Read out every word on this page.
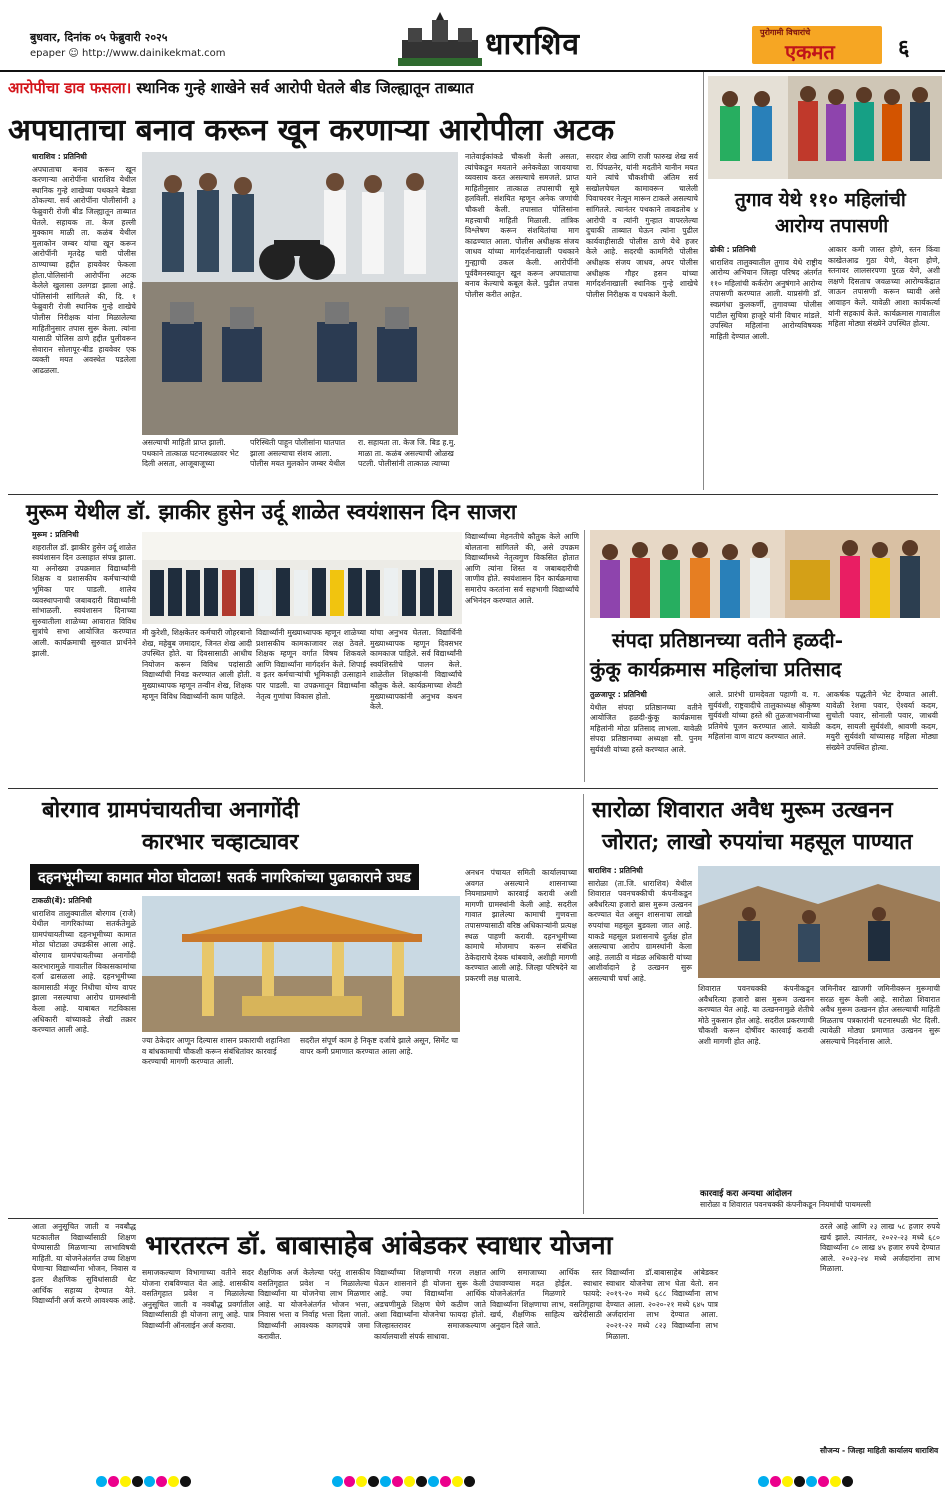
बुधवार, दिनांक ०५ फेब्रुवारी २०२५
epaper ☺ http://www.dainikekmat.com	धाराशिव	पुरोगामी विचारांचे
एकमत	६
आरोपीचा डाव फसला। स्थानिक गुन्हे शाखेने सर्व आरोपी घेतले बीड जिल्ह्यातून ताब्यात
अपघाताचा बनाव करून खून करणाऱ्या आरोपीला अटक
धाराशिव : प्रतिनिधी
अपघाताचा बनाव करून खून करणाऱ्या आरोपींना धाराशिव येथील स्थानिक गुन्हे शाखेच्या पथकाने बेड्या ठोकल्या. सर्व आरोपींना पोलीसांनी ३ फेब्रुवारी रोजी बीड जिल्ह्यातून ताब्यात घेतले. सहायक ता. केज हल्ली मुक्काम माळी ता. कळंब येथील मुलाकोन जम्बर यांचा खून करून आरोपींनी मृतदेह चारी पोलीस ठाण्याच्या हद्दीत हायवेवर फेकला होता.पोलिसांनी आरोपींना अटक केलेले खुलासा उलगडा झाला आहे. पोलिसांनी सांगितले की, दि. १ फेब्रुवारी रोजी स्थानिक गुन्हे शाखेचे पोलीस निरीक्षक यांना मिळालेल्या माहितीनुसार तपास सुरू केला. त्यांना यासाठी पोलिस ठाणे हद्दीत पुलीवरून सेवारान सोलापूर-बीड हायवेवर एक व्यक्ती मयत अवस्थेत पडलेला आढळला.
असल्याची माहिती प्राप्त झाली. पथकाने तात्काळ घटनास्थळावर भेट दिली असता, आजूबाजूच्या
परिस्थिती पाहून पोलीसांना घातपात झाला असल्याचा संशय आला. पोलीस मयत मुलकोन जम्बर येथील
रा. सहायता ता. केज जि. बिड ह.मु. माळा ता. कळंब असल्याची ओळख पटली. पोलीसांनी तात्काळ त्याच्या
नातेवाईकांकडे चौकशी केली असता, त्यांचेकडून मयताने अनेकवेळा जावयाचा व्यवसाय करत असल्याचे समजले. प्राप्त माहितीनुसार तात्काळ तपासाची सूत्रे हलविली. संशयित म्हणून अनेक जणांची चौकशी केली. तपासात पोलिसांना महत्त्वाची माहिती मिळाली. तांत्रिक विश्लेषण करून संशयितांचा माग काढण्यात आला. पोलीस अधीक्षक संजय जाधव यांच्या मार्गदर्शनाखाली पथकाने गुन्ह्याची उकल केली. आरोपींनी पूर्ववैमनस्यातून खून करून अपघाताचा बनाव केल्याचे कबूल केले. पुढील तपास पोलीस करीत आहेत.
सरदार शेख आणि राजी फारुख शेख सर्व रा. पिंपळनेर, यांनी मदतीने यानीन मयत याने त्यांचे चौकशीची अंतिम सर्व सखोलचेचल कामावरून चालेली पिवाचरवर नेत्यून मारून टाकले असल्याचे सांगितले. त्यानंतर पथकाने ताबडतोब ४ आरोपी व त्यांनी गुन्हात वापरलेल्या दुचाकी ताब्यात घेऊन त्यांना पुढील कार्यवाहीसाठी पोलीस ठाणे येथे हजर केले आहे. सदरची कामगिरी पोलीस अधीक्षक संजय जाधव, अपर पोलीस अधीक्षक गौहर हसन यांच्या मार्गदर्शनाखाली स्थानिक गुन्हे शाखेचे पोलीस निरीक्षक व पथकाने केली.
तुगाव येथे ११० महिलांची
आरोग्य तपासणी
ढोकी : प्रतिनिधी
धाराशिव तालुक्यातील तुगाव येथे राष्ट्रीय आरोग्य अभियान जिल्हा परिषद अंतर्गत ११० महिलांची कर्करोग अनुषंगाने आरोग्य तपासणी करण्यात आली. याप्रसंगी डॉ. स्वप्नगंधा कुलकर्णी, तुगावच्या पोलीस पाटील सुचित्रा हाजूरे यांनी विचार मांडले. उपस्थित महिलांना आरोग्यविषयक माहिती देण्यात आली.
आकार कमी जास्त होणे, स्तन किंवा काखेतआढ गुठा येणे, वेदना होणे, स्तनावर लालसरपणा पुरळ येणे, अशी लक्षणे दिसताच जवळच्या आरोग्यकेंद्रात जाऊन तपासणी करून घ्यावी असे आवाहन केले. यावेळी आशा कार्यकर्त्या यांनी सहकार्य केले. कार्यक्रमास गावातील महिला मोठ्या संख्येने उपस्थित होत्या.
मुरूम येथील डॉ. झाकीर हुसेन उर्दू शाळेत स्वयंशासन दिन साजरा
मुरूम : प्रतिनिधी
शहरातील डॉ. झाकीर हुसेन उर्दू शाळेत स्वयंशासन दिन उत्साहात संपन्न झाला. या अनोख्या उपक्रमात विद्यार्थ्यांनी शिक्षक व प्रशासकीय कर्मचाऱ्यांची भूमिका पार पाडली. शालेय व्यवस्थापनाची जबाबदारी विद्यार्थ्यांनी सांभाळली. स्वयंशासन दिनाच्या सुरुवातीला शाळेच्या आवारात विविध सुत्रांचे सभा आयोजित करण्यात आली. कार्यक्रमाची सुरुवात प्रार्थनेने झाली.
मी कुरेशी, शिक्षकेतर कर्मचारी जोहरबानो शेख, महेबुब जमादार, जिनत शेख आदी उपस्थित होते. या दिवसासाठी आधीच नियोजन करून विविध पदांसाठी विद्यार्थ्यांची निवड करण्यात आली होती. मुख्याध्यापक म्हणून तन्वीन शेख, शिक्षक म्हणून विविध विद्यार्थ्यांनी काम पाहिले.
विद्यार्थ्यांनी मुख्याध्यापक म्हणून शाळेच्या प्रशासकीय कामकाजावर लक्ष ठेवले. शिक्षक म्हणून वर्गात विषय शिकवले आणि विद्यार्थ्यांना मार्गदर्शन केले. शिपाई व इतर कर्मचाऱ्यांची भूमिकाही उत्साहाने पार पाडली. या उपक्रमातून विद्यार्थ्यांना नेतृत्व गुणांचा विकास होतो.
यांचा अनुभव घेतला. विद्यार्थिनी मुख्याध्यापक म्हणून दिवसभर कामकाज पाहिले. सर्व विद्यार्थ्यांनी स्वयंशिस्तीचे पालन केले. शाळेतील शिक्षकांनी विद्यार्थ्यांचे कौतुक केले. कार्यक्रमाच्या शेवटी मुख्याध्यापकांनी अनुभव कथन केले.
विद्यार्थ्यांच्या मेहनतीचे कौतुक केले आणि बोलताना सांगितले की, असे उपक्रम विद्यार्थ्यांमध्ये नेतृत्वगुण विकसित होतात आणि त्यांना शिस्त व जबाबदारीची जाणीव होते. स्वयंशासन दिन कार्यक्रमाचा समारोप करतांना सर्व सहभागी विद्यार्थ्यांचे अभिनंदन करण्यात आले.
संपदा प्रतिष्ठानच्या वतीने हळदी-
कुंकू कार्यक्रमास महिलांचा प्रतिसाद
तुळजापूर : प्रतिनिधी
येथील संपदा प्रतिष्ठानच्या वतीने आयोजित हळदी-कुंकू कार्यक्रमास महिलांनी मोठा प्रतिसाद लाभला. यावेळी संपदा प्रतिष्ठानच्या अध्यक्षा सौ. पुनम सुर्यवंशी यांच्या हस्ते करण्यात आले.
आले. प्रारंभी ग्रामदेवता पहाणी व. ग. सुर्यवंशी, राष्ट्रवादीचे तालुकाध्यक्ष श्रीकृष्ण सुर्यवंशी यांच्या हस्ते श्री तुळजाभवानीच्या प्रतिमेचे पूजन करण्यात आले. यावेळी महिलांना वाण वाटप करण्यात आले.
आकर्षक पद्धतीने भेट देण्यात आली. यावेळी रेशमा पवार, ऐश्वर्या कदम, सुचोती पवार, सोनाली पवार, जाधवी कदम, सायली सुर्यवंशी, श्रावणी कदम, मयुरी सुर्यवंशी यांच्यासह महिला मोठ्या संख्येने उपस्थित होत्या.
बोरगाव ग्रामपंचायतीचा अनागोंदी
कारभार चव्हाट्यावर
दहनभूमीच्या कामात मोठा घोटाळा! सतर्क नागरिकांच्या पुढाकाराने उघड
टाकळी(बें): प्रतिनिधी
धाराशिव तालुक्यातील बोरगाव (राजे) येथील नागरिकांच्या सतर्कतेमुळे ग्रामपंचायतीच्या दहनभूमीच्या कामात मोठा घोटाळा उघडकीस आला आहे. बोरगाव ग्रामपंचायतीच्या अनागोंदी कारभारामुळे गावातील विकासकामांचा दर्जा ढासळला आहे. दहनभूमीच्या कामासाठी मंजूर निधीचा योग्य वापर झाला नसल्याचा आरोप ग्रामस्थांनी केला आहे. याबाबत गटविकास अधिकारी यांच्याकडे लेखी तक्रार करण्यात आली आहे.
ज्या ठेकेदार आणून दिल्यास शासन प्रकाराची शहानिशा व बांधकामाची चौकशी करून संबंधितांवर कारवाई करण्याची मागणी करण्यात आली.
सदरील संपूर्ण काम हे निकृष्ट दर्जाचे झाले असून, सिमेंट चा वापर कमी प्रमाणात करण्यात आला आहे.
अनधन पंचायत समिती कार्यालयाच्या अवगत असल्याने शासनाच्या नियमाप्रमाणे कारवाई करावी अशी मागणी ग्रामस्थांनी केली आहे. सदरील गावात झालेल्या कामाची गुणवत्ता तपासण्यासाठी वरिष्ठ अधिकाऱ्यांनी प्रत्यक्ष स्थळ पाहणी करावी. दहनभूमीच्या कामाचे मोजमाप करून संबंधित ठेकेदाराचे देयक थांबवावे, अशीही मागणी करण्यात आली आहे. जिल्हा परिषदेने या प्रकरणी लक्ष घालावे.
सारोळा शिवारात अवैध मुरूम उत्खनन
जोरात; लाखो रुपयांचा महसूल पाण्यात
धाराशिव : प्रतिनिधी
सारोळा (ता.जि. धाराशिव) येथील शिवारात पवनचक्कीची कंपनीकडून अवैधरित्या हजारो ब्रास मुरूम उत्खनन करण्यात येत असून शासनाचा लाखो रुपयांचा महसूल बुडवला जात आहे. याकडे महसूल प्रशासनाचे दुर्लक्ष होत असल्याचा आरोप ग्रामस्थांनी केला आहे. तलाठी व मंडळ अधिकारी यांच्या आशीर्वादाने हे उत्खनन सुरू असल्याची चर्चा आहे.
शिवारात पवनचक्की कंपनीकडून अवैधरित्या हजारो ब्रास मुरूम उत्खनन करण्यात येत आहे. या उत्खननामुळे शेतीचे मोठे नुकसान होत आहे. सदरील प्रकरणाची चौकशी करून दोषींवर कारवाई करावी अशी मागणी होत आहे.
जमिनीवर खाजगी जमिनीवरून मुरूमाची सरळ सुरू केली आहे. सारोळा शिवारात अवैध मुरूम उत्खनन होत असल्याची माहिती मिळताच पत्रकारांनी घटनास्थळी भेट दिली. त्यावेळी मोठ्या प्रमाणात उत्खनन सुरू असल्याचे निदर्शनास आले.
कारवाई करा अन्यथा आंदोलन
सारोळा व शिवारात पवनचक्की कंपनीकडून नियमांची पायमल्ली
आता अनुसूचित जाती व नवबौद्ध घटकातील विद्यार्थ्यांसाठी शिक्षण घेण्यासाठी मिळणाऱ्या लाभाविषयी माहिती. या योजनेअंतर्गत उच्च शिक्षण घेणाऱ्या विद्यार्थ्यांना भोजन, निवास व इतर शैक्षणिक सुविधांसाठी थेट आर्थिक सहाय्य देण्यात येते. विद्यार्थ्यांनी अर्ज करणे आवश्यक आहे.
भारतरत्न डॉ. बाबासाहेब आंबेडकर स्वाधार योजना
समाजकल्याण विभागाच्या वतीने सदर योजना राबविण्यात येत आहे. शासकीय वसतिगृहात प्रवेश न मिळालेल्या अनुसूचित जाती व नवबौद्ध प्रवर्गातील विद्यार्थ्यांसाठी ही योजना लागू आहे. पात्र विद्यार्थ्यांनी ऑनलाईन अर्ज करावा.
शैक्षणिक अर्ज केलेल्या परंतु शासकीय वसतिगृहात प्रवेश न मिळालेल्या विद्यार्थ्यांना या योजनेचा लाभ मिळणार आहे. या योजनेअंतर्गत भोजन भत्ता, निवास भत्ता व निर्वाह भत्ता दिला जातो. विद्यार्थ्यांनी आवश्यक कागदपत्रे जमा करावीत.
विद्यार्थ्यांच्या शिक्षणाची गरज लक्षात घेऊन शासनाने ही योजना सुरू केली आहे. ज्या विद्यार्थ्यांना आर्थिक अडचणीमुळे शिक्षण घेणे कठीण जाते अशा विद्यार्थ्यांना योजनेचा फायदा होतो. जिल्हास्तरावर समाजकल्याण कार्यालयाशी संपर्क साधावा.
आणि समाजाच्या आर्थिक स्तर उंचावण्यास मदत होईल. स्वाधार योजनेअंतर्गत मिळणारे फायदे: विद्यार्थ्यांना शिक्षणाचा लाभ, वसतिगृहाचा खर्च, शैक्षणिक साहित्य खरेदीसाठी अनुदान दिले जाते.
विद्यार्थ्यांना डॉ.बाबासाहेब आंबेडकर स्वाधार योजनेचा लाभ घेता येतो. सन २०१९-२० मध्ये ६८८ विद्यार्थ्यांना लाभ देण्यात आला. २०२०-२१ मध्ये ६४५ पात्र अर्जदारांना लाभ देण्यात आला. २०२१-२२ मध्ये ८२३ विद्यार्थ्यांना लाभ मिळाला.
ठरले आहे आणि २३ लाख ५८ हजार रुपये खर्च झाले. त्यानंतर, २०२२-२३ मध्ये ६८० विद्यार्थ्यांना ८० लाख ४५ हजार रुपये देण्यात आले. २०२३-२४ मध्ये अर्जदारांना लाभ मिळाला.
सौजन्य - जिल्हा माहिती कार्यालय धाराशिव
